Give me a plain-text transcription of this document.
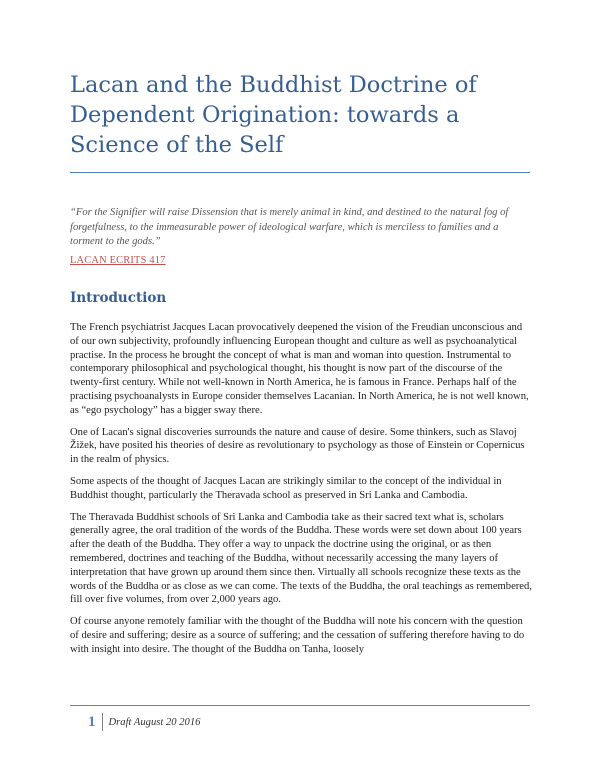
Lacan and the Buddhist Doctrine of Dependent Origination: towards a Science of the Self

“For the Signifier will raise Dissension that is merely animal in kind, and destined to the natural fog of forgetfulness, to the immeasurable power of ideological warfare, which is merciless to families and a torment to the gods.”

LACAN ECRITS 417
Introduction

The French psychiatrist Jacques Lacan provocatively deepened the vision of the Freudian unconscious and of our own subjectivity, profoundly influencing European thought and culture as well as psychoanalytical practise. In the process he brought the concept of what is man and woman into question. Instrumental to contemporary philosophical and psychological thought, his thought is now part of the discourse of the twenty-first century. While not well-known in North America, he is famous in France. Perhaps half of the practising psychoanalysts in Europe consider themselves Lacanian. In North America, he is not well known, as “ego psychology” has a bigger sway there.

One of Lacan's signal discoveries surrounds the nature and cause of desire. Some thinkers, such as Slavoj Žižek, have posited his theories of desire as revolutionary to psychology as those of Einstein or Copernicus in the realm of physics.

Some aspects of the thought of Jacques Lacan are strikingly similar to the concept of the individual in Buddhist thought, particularly the Theravada school as preserved in Sri Lanka and Cambodia.

The Theravada Buddhist schools of Sri Lanka and Cambodia take as their sacred text what is, scholars generally agree, the oral tradition of the words of the Buddha. These words were set down about 100 years after the death of the Buddha. They offer a way to unpack the doctrine using the original, or as then remembered, doctrines and teaching of the Buddha, without necessarily accessing the many layers of interpretation that have grown up around them since then. Virtually all schools recognize these texts as the words of the Buddha or as close as we can come. The texts of the Buddha, the oral teachings as remembered, fill over five volumes, from over 2,000 years ago.

Of course anyone remotely familiar with the thought of the Buddha will note his concern with the question of desire and suffering; desire as a source of suffering; and the cessation of suffering therefore having to do with insight into desire. The thought of the Buddha on Tanha, loosely

1	Draft August 20 2016
